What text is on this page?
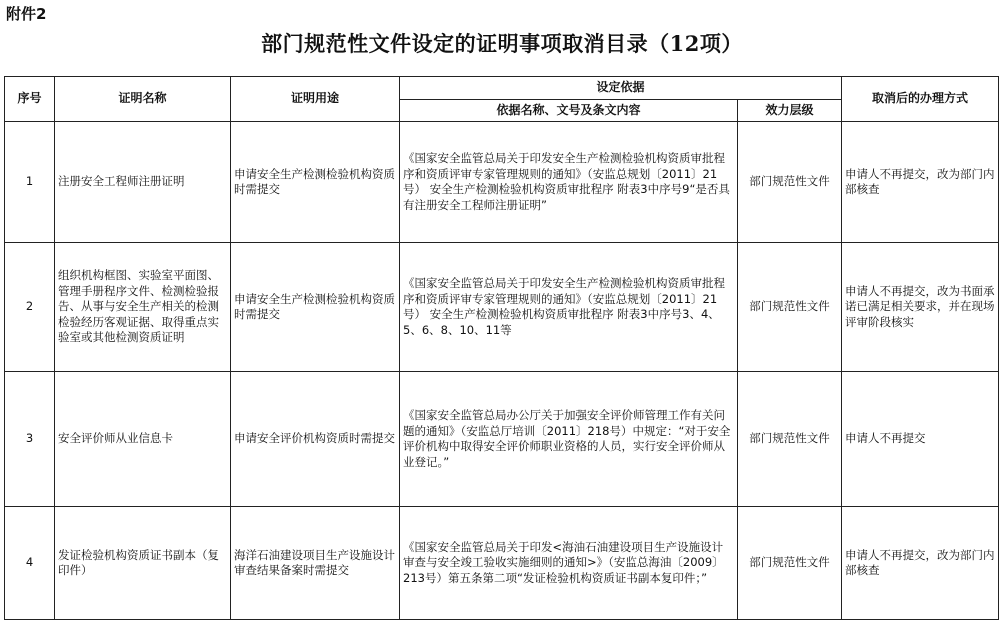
附件2
部门规范性文件设定的证明事项取消目录（12项）
序号	证明名称	证明用途	设定依据		取消后的办理方式
			依据名称、文号及条文内容	效力层级	
1	注册安全工程师注册证明	申请安全生产检测检验机构资质时需提交	《国家安全监管总局关于印发安全生产检测检验机构资质审批程序和资质评审专家管理规则的通知》（安监总规划〔2011〕21号） 安全生产检测检验机构资质审批程序 附表3中序号9“是否具有注册安全工程师注册证明”	部门规范性文件	申请人不再提交，改为部门内部核查
2	组织机构框图、实验室平面图、管理手册程序文件、检测检验报告、从事与安全生产相关的检测检验经历客观证据、取得重点实验室或其他检测资质证明	申请安全生产检测检验机构资质时需提交	《国家安全监管总局关于印发安全生产检测检验机构资质审批程序和资质评审专家管理规则的通知》（安监总规划〔2011〕21号） 安全生产检测检验机构资质审批程序 附表3中序号3、4、5、6、8、10、11等	部门规范性文件	申请人不再提交，改为书面承诺已满足相关要求，并在现场评审阶段核实
3	安全评价师从业信息卡	申请安全评价机构资质时需提交	《国家安全监管总局办公厅关于加强安全评价师管理工作有关问题的通知》（安监总厅培训〔2011〕218号）中规定：“对于安全评价机构中取得安全评价师职业资格的人员，实行安全评价师从业登记。”	部门规范性文件	申请人不再提交
4	发证检验机构资质证书副本（复印件）	海洋石油建设项目生产设施设计审查结果备案时需提交	《国家安全监管总局关于印发<海油石油建设项目生产设施设计审查与安全竣工验收实施细则的通知>》（安监总海油〔2009〕213号）第五条第二项“发证检验机构资质证书副本复印件；”	部门规范性文件	申请人不再提交，改为部门内部核查
